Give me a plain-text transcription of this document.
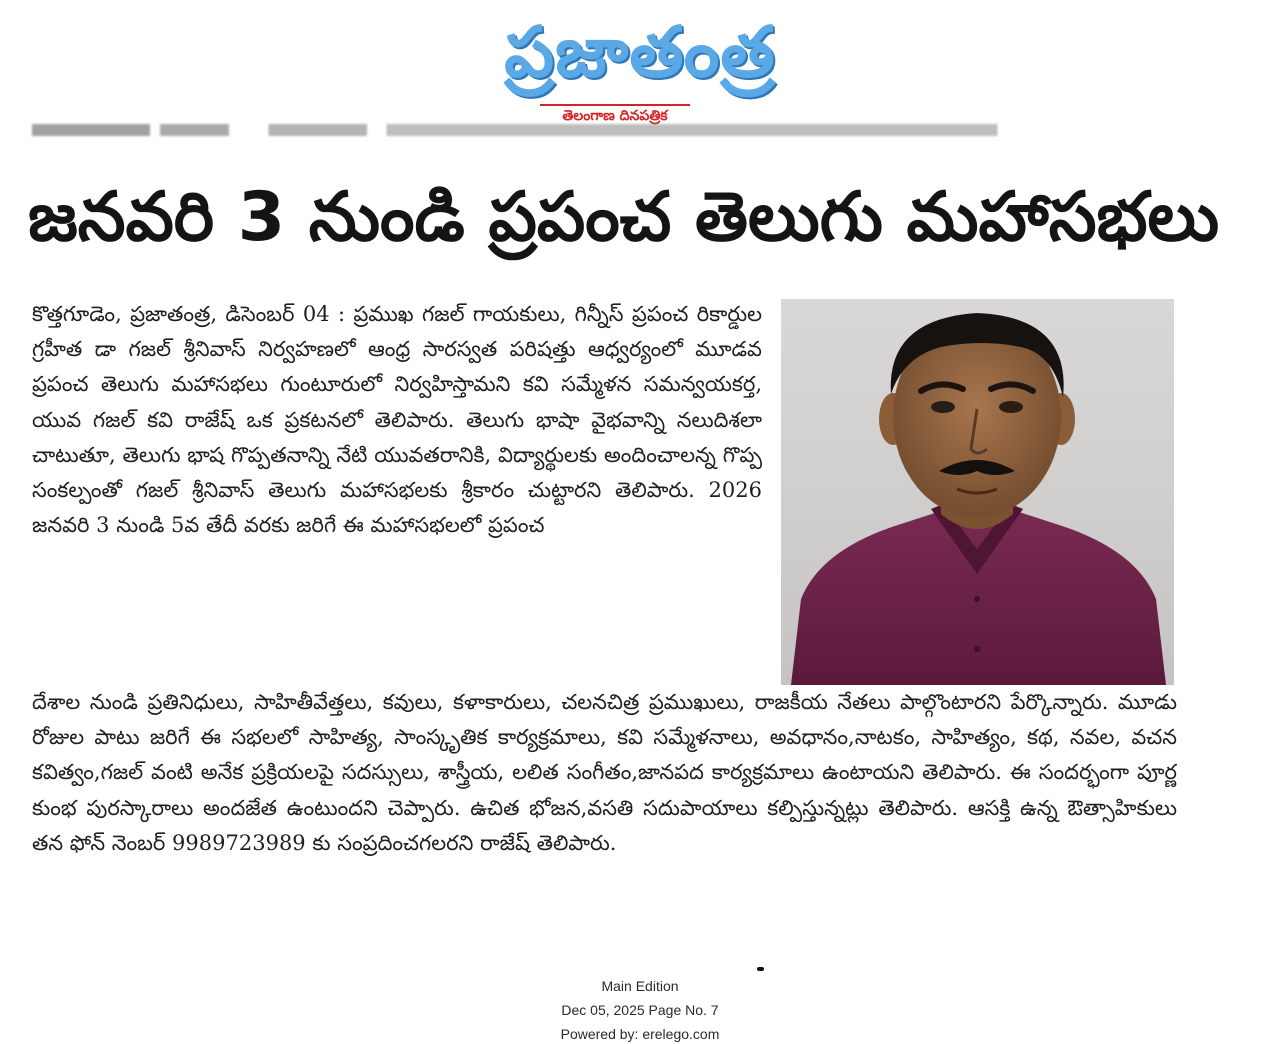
ప్రజాతంత్ర
తెలంగాణ దినపత్రిక
జనవరి 3 నుండి ప్రపంచ తెలుగు మహాసభలు
కొత్తగూడెం, ప్రజాతంత్ర, డిసెంబర్ 04 : ప్రముఖ గజల్ గాయకులు, గిన్నీస్ ప్రపంచ రికార్డుల గ్రహీత డా గజల్ శ్రీనివాస్ నిర్వహణలో ఆంధ్ర సారస్వత పరిషత్తు ఆధ్వర్యంలో మూడవ ప్రపంచ తెలుగు మహాసభలు గుంటూరులో నిర్వహిస్తామని కవి సమ్మేళన సమన్వయకర్త, యువ గజల్ కవి రాజేష్ ఒక ప్రకటనలో తెలిపారు. తెలుగు భాషా వైభవాన్ని నలుదిశలా చాటుతూ, తెలుగు భాష గొప్పతనాన్ని నేటి యువతరానికి, విద్యార్థులకు అందించాలన్న గొప్ప సంకల్పంతో గజల్ శ్రీనివాస్ తెలుగు మహాసభలకు శ్రీకారం చుట్టారని తెలిపారు. 2026 జనవరి 3 నుండి 5వ తేదీ వరకు జరిగే ఈ మహాసభలలో ప్రపంచ
దేశాల నుండి ప్రతినిధులు, సాహితీవేత్తలు, కవులు, కళాకారులు, చలనచిత్ర ప్రముఖులు, రాజకీయ నేతలు పాల్గొంటారని పేర్కొన్నారు. మూడు రోజుల పాటు జరిగే ఈ సభలలో సాహిత్య, సాంస్కృతిక కార్యక్రమాలు, కవి సమ్మేళనాలు, అవధానం,నాటకం, సాహిత్యం, కథ, నవల, వచన కవిత్వం,గజల్ వంటి అనేక ప్రక్రియలపై సదస్సులు, శాస్త్రీయ, లలిత సంగీతం,జానపద కార్యక్రమాలు ఉంటాయని తెలిపారు. ఈ సందర్భంగా పూర్ణ కుంభ పురస్కారాలు అందజేత ఉంటుందని చెప్పారు. ఉచిత భోజన,వసతి సదుపాయాలు కల్పిస్తున్నట్లు తెలిపారు. ఆసక్తి ఉన్న ఔత్సాహికులు తన ఫోన్ నెంబర్ 9989723989 కు సంప్రదించగలరని రాజేష్ తెలిపారు.
Main Edition
Dec 05, 2025 Page No. 7
Powered by: erelego.com
